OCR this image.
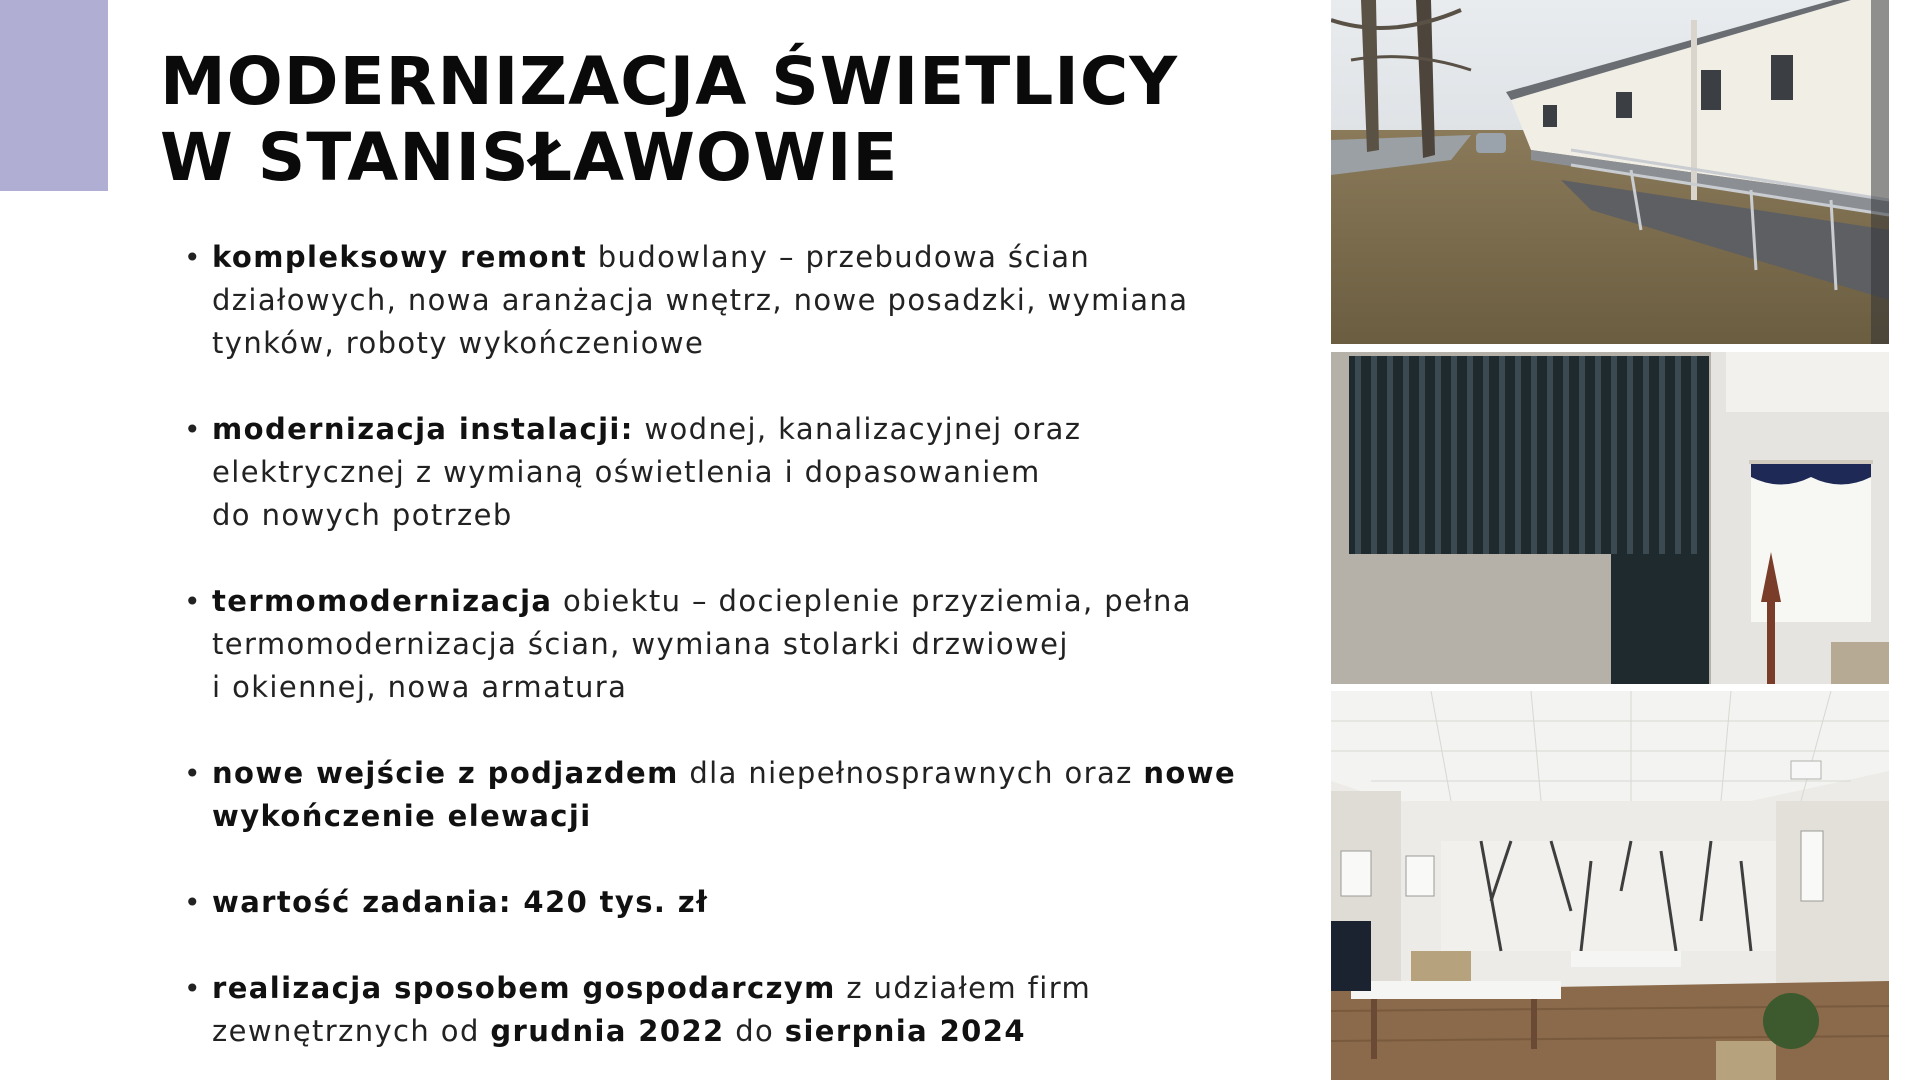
MODERNIZACJA ŚWIETLICY
W STANISŁAWOWIE
• kompleksowy remont budowlany – przebudowa ścian
działowych, nowa aranżacja wnętrz, nowe posadzki, wymiana
tynków, roboty wykończeniowe
• modernizacja instalacji: wodnej, kanalizacyjnej oraz
elektrycznej z wymianą oświetlenia i dopasowaniem
do nowych potrzeb
• termomodernizacja obiektu – docieplenie przyziemia, pełna
termomodernizacja ścian, wymiana stolarki drzwiowej
i okiennej, nowa armatura
• nowe wejście z podjazdem dla niepełnosprawnych oraz nowe
wykończenie elewacji
• wartość zadania: 420 tys. zł
• realizacja sposobem gospodarczym z udziałem firm
zewnętrznych od grudnia 2022 do sierpnia 2024
